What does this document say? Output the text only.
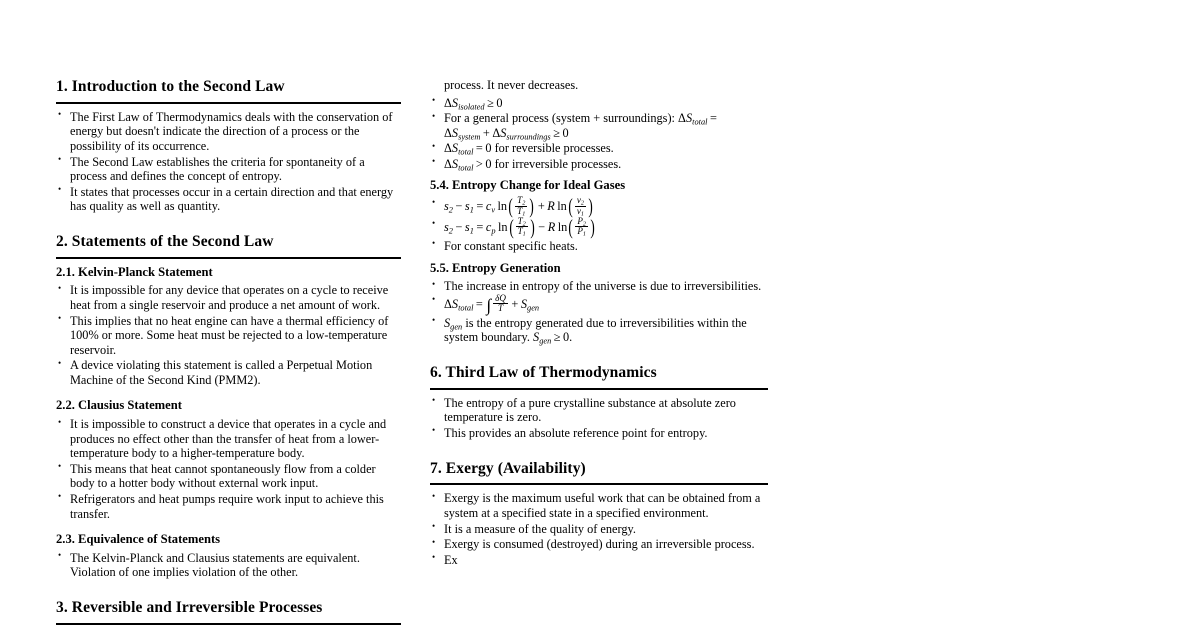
1. Introduction to the Second Law
• The First Law of Thermodynamics deals with the conservation of energy but doesn't indicate the direction of a process or the possibility of its occurrence.
• The Second Law establishes the criteria for spontaneity of a process and defines the concept of entropy.
• It states that processes occur in a certain direction and that energy has quality as well as quantity.
2. Statements of the Second Law
2.1. Kelvin-Planck Statement
• It is impossible for any device that operates on a cycle to receive heat from a single reservoir and produce a net amount of work.
• This implies that no heat engine can have a thermal efficiency of 100% or more. Some heat must be rejected to a low-temperature reservoir.
• A device violating this statement is called a Perpetual Motion Machine of the Second Kind (PMM2).
2.2. Clausius Statement
• It is impossible to construct a device that operates in a cycle and produces no effect other than the transfer of heat from a lower-temperature body to a higher-temperature body.
• This means that heat cannot spontaneously flow from a colder body to a hotter body without external work input.
• Refrigerators and heat pumps require work input to achieve this transfer.
2.3. Equivalence of Statements
• The Kelvin-Planck and Clausius statements are equivalent. Violation of one implies violation of the other.
3. Reversible and Irreversible Processes
process. It never decreases.
• $\Delta S_{isolated} \ge 0$
• For a general process (system + surroundings): $\Delta S_{total} = \Delta S_{system} + \Delta S_{surroundings} \ge 0$
• $\Delta S_{total} = 0$ for reversible processes.
• $\Delta S_{total} > 0$ for irreversible processes.
5.4. Entropy Change for Ideal Gases
• $s_2 - s_1 = c_v$  $\ln( \frac{T_2}{T_1}$ ) + R  $\ln( \frac{v_2}{v_1}$ )
• $s_2 - s_1 = c_p$  $\ln( \frac{T_2}{T_1}$ ) − R  $\ln( \frac{P_2}{P_1}$ )
• For constant specific heats.
5.5. Entropy Generation
• The increase in entropy of the universe is due to irreversibilities.
• $\Delta S_{total}$ = ∫ $\frac{\delta Q}{T} + S_{gen}$
• $S_{gen}$ is the entropy generated due to irreversibilities within the system boundary. $S_{gen} \ge 0$.
6. Third Law of Thermodynamics
• The entropy of a pure crystalline substance at absolute zero temperature is zero.
• This provides an absolute reference point for entropy.
7. Exergy (Availability)
• Exergy is the maximum useful work that can be obtained from a system at a specified state in a specified environment.
• It is a measure of the quality of energy.
• Exergy is consumed (destroyed) during an irreversible process.
• Ex
